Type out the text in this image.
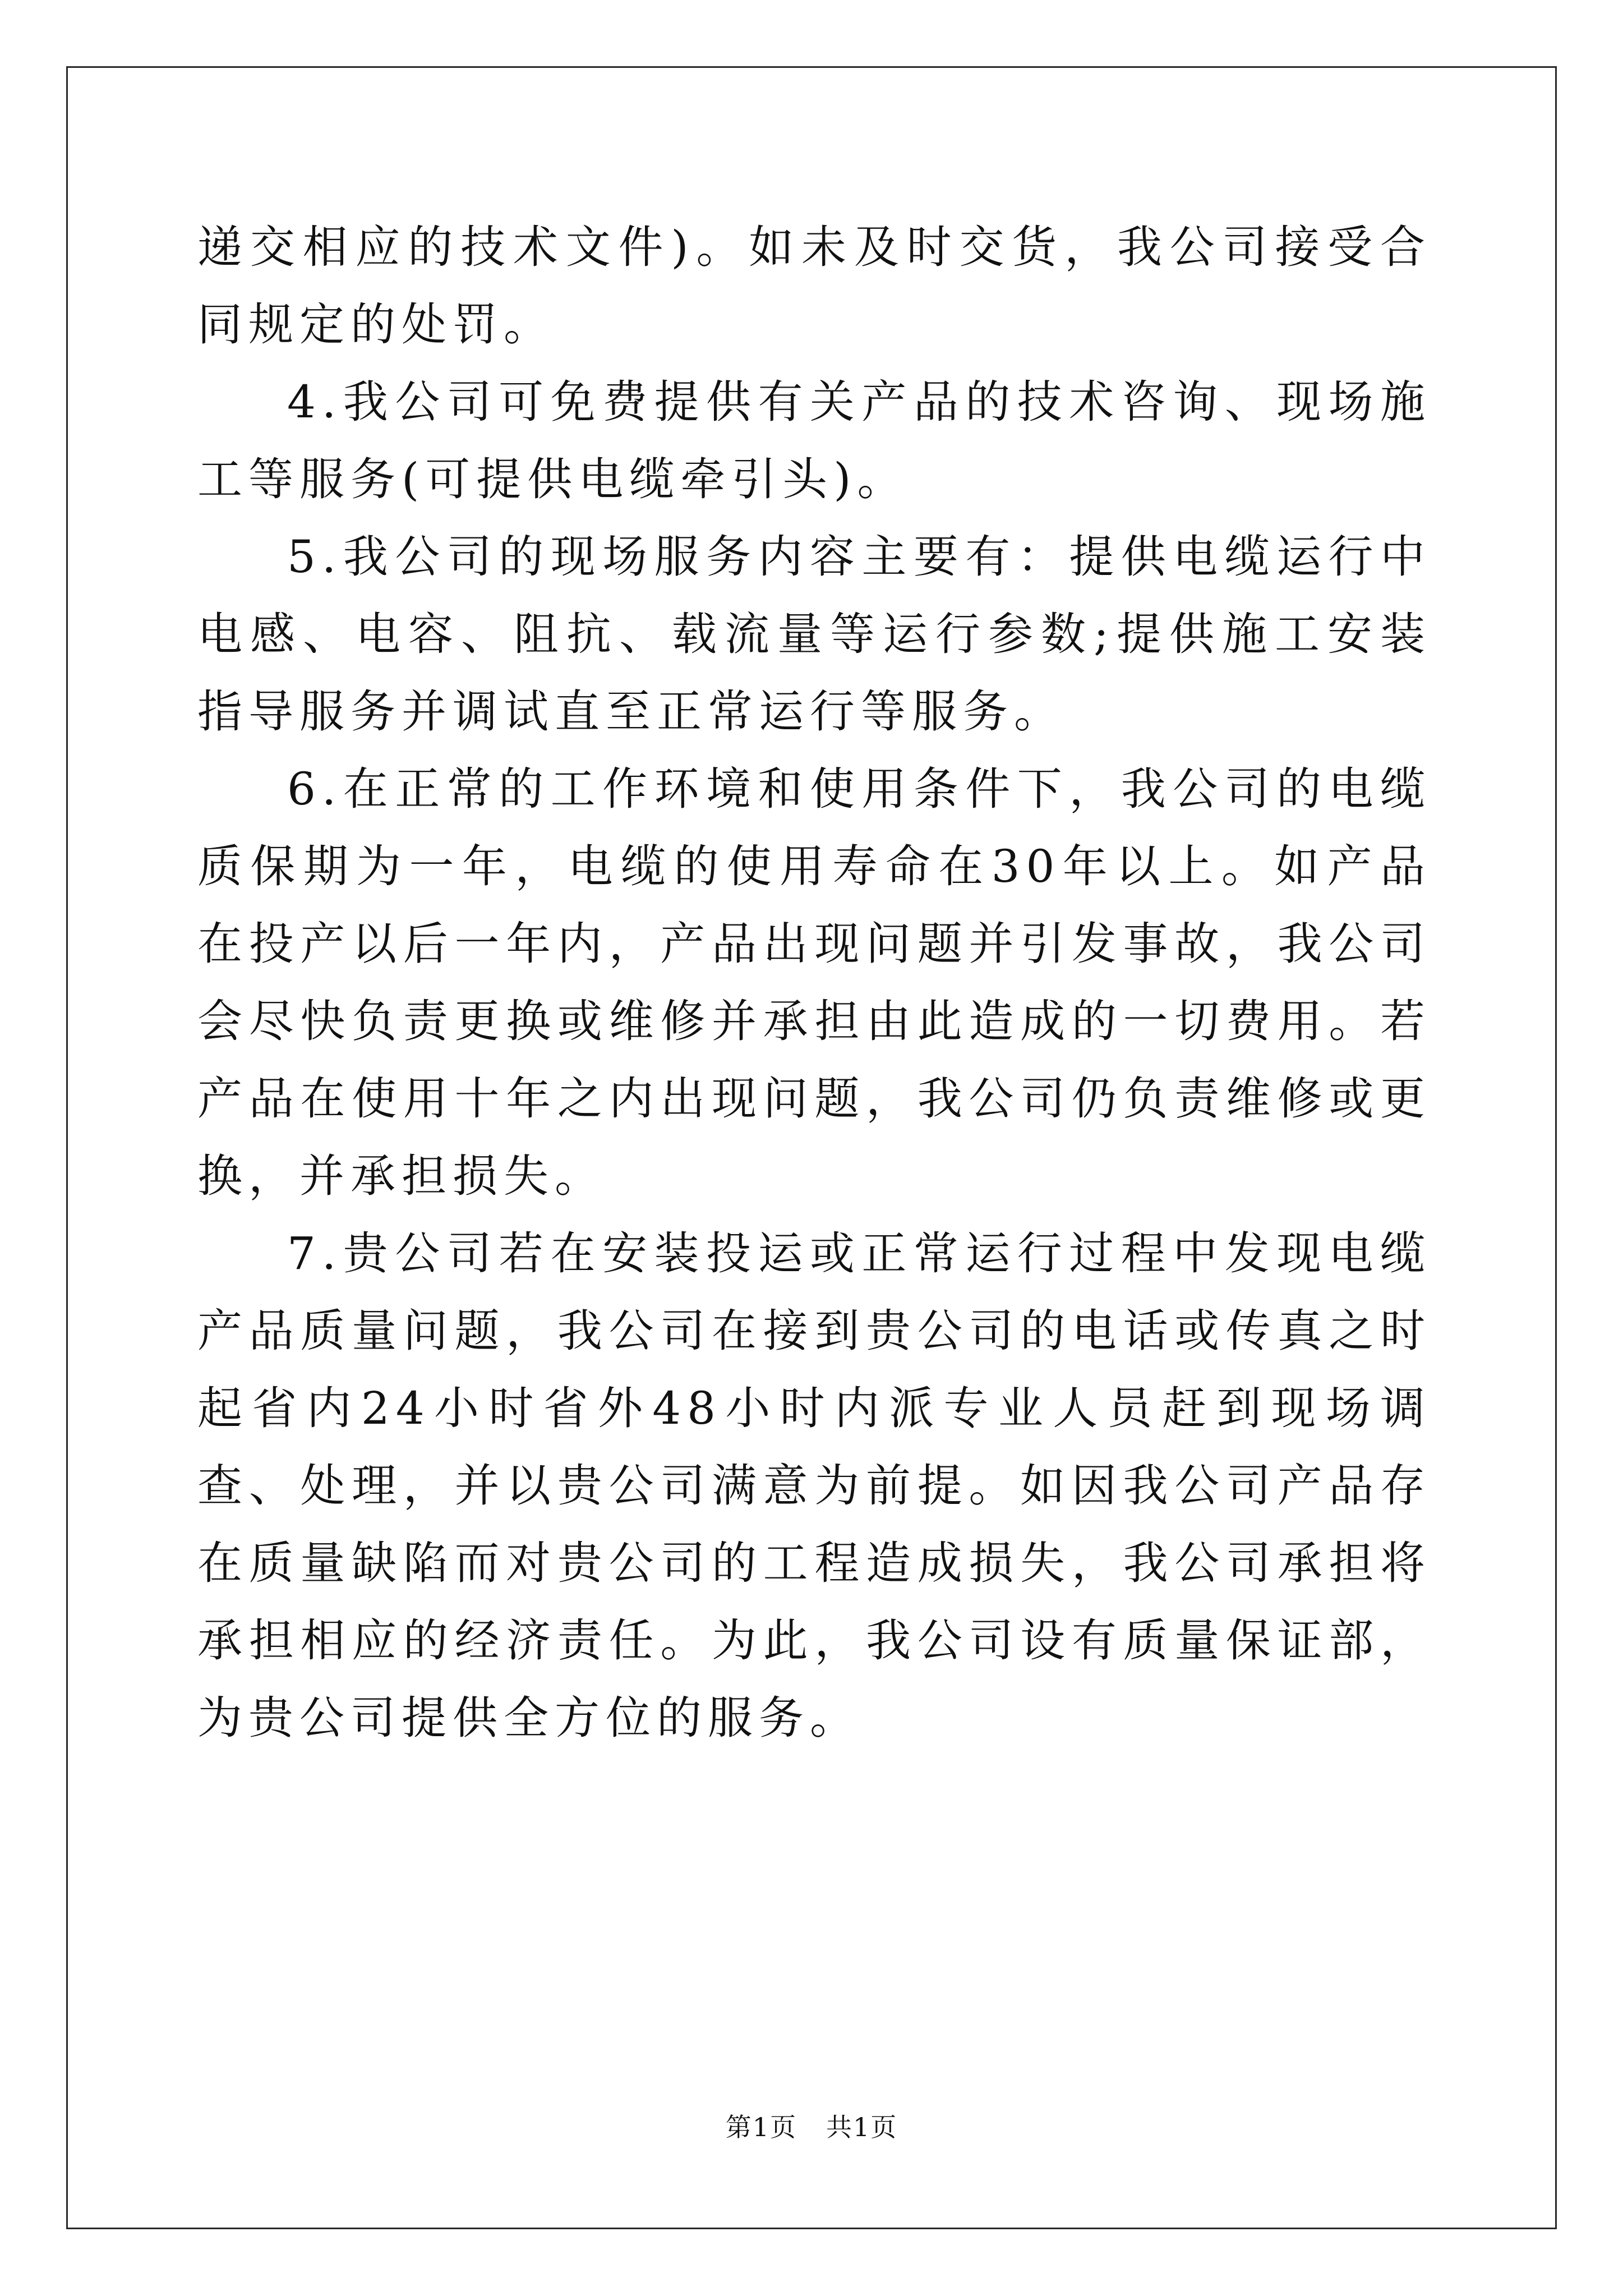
递交相应的技术文件)。如未及时交货，我公司接受合同规定的处罚。

4.我公司可免费提供有关产品的技术咨询、现场施工等服务(可提供电缆牵引头)。

5.我公司的现场服务内容主要有：提供电缆运行中电感、电容、阻抗、载流量等运行参数;提供施工安装指导服务并调试直至正常运行等服务。

6.在正常的工作环境和使用条件下，我公司的电缆质保期为一年，电缆的使用寿命在30年以上。如产品在投产以后一年内，产品出现问题并引发事故，我公司会尽快负责更换或维修并承担由此造成的一切费用。若产品在使用十年之内出现问题，我公司仍负责维修或更换，并承担损失。

7.贵公司若在安装投运或正常运行过程中发现电缆产品质量问题，我公司在接到贵公司的电话或传真之时起省内24小时省外48小时内派专业人员赶到现场调查、处理，并以贵公司满意为前提。如因我公司产品存在质量缺陷而对贵公司的工程造成损失，我公司承担将承担相应的经济责任。为此，我公司设有质量保证部，为贵公司提供全方位的服务。

第1页 共1页
